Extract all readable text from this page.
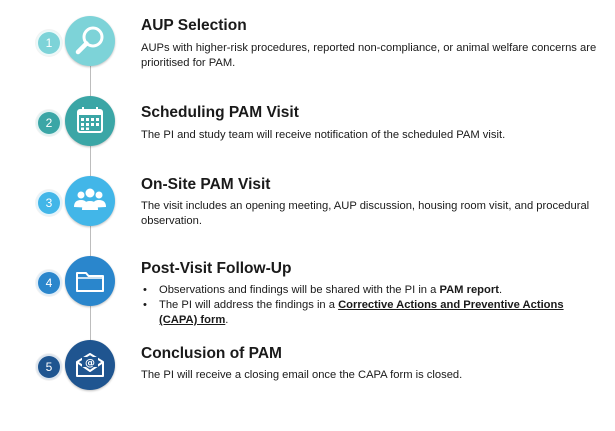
1
AUP Selection
AUPs with higher-risk procedures, reported non-compliance, or animal welfare concerns are prioritised for PAM.
2
Scheduling PAM Visit
The PI and study team will receive notification of the scheduled PAM visit.
3
On-Site PAM Visit
The visit includes an opening meeting, AUP discussion, housing room visit, and procedural observation.
4
Post-Visit Follow-Up
• Observations and findings will be shared with the PI in a PAM report.
• The PI will address the findings in a Corrective Actions and Preventive Actions (CAPA) form.
5	@
Conclusion of PAM
The PI will receive a closing email once the CAPA form is closed.
